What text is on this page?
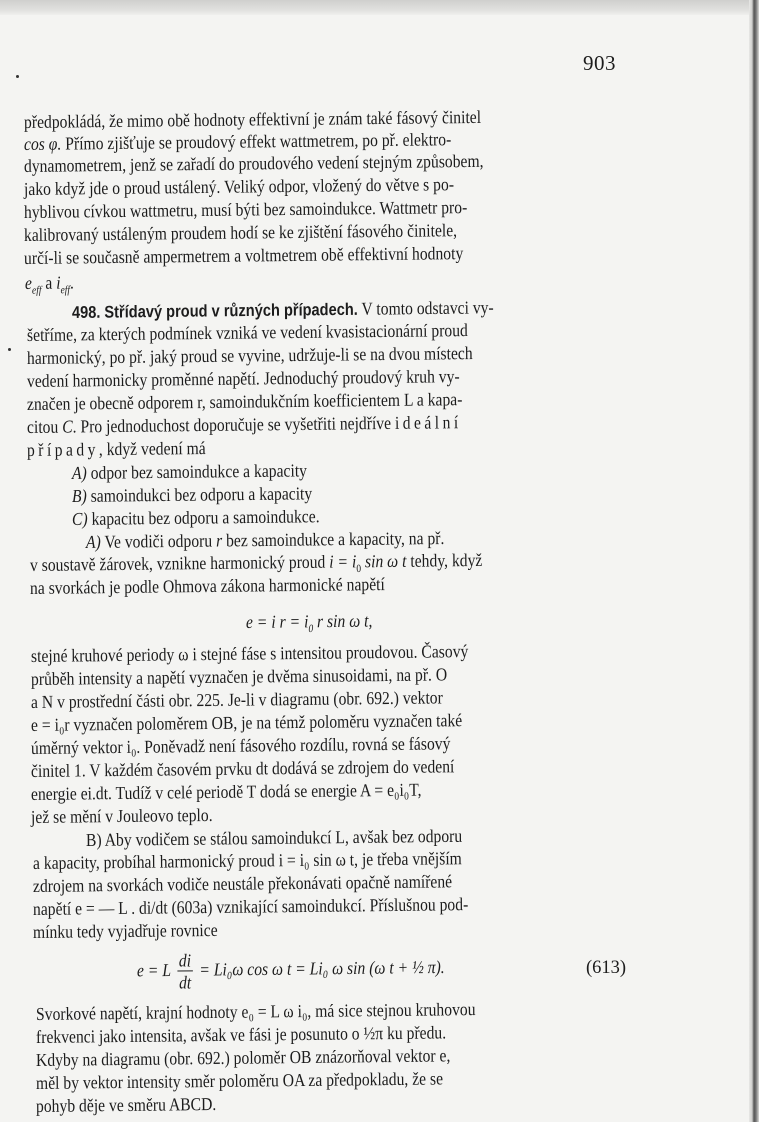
903
předpokládá, že mimo obě hodnoty effektivní je znám také fásový činitel
cos φ. Přímo zjišťuje se proudový effekt wattmetrem, po př. elektro-
dynamometrem, jenž se zařadí do proudového vedení stejným způsobem,
jako když jde o proud ustálený. Veliký odpor, vložený do větve s po-
hyblivou cívkou wattmetru, musí býti bez samoindukce. Wattmetr pro-
kalibrovaný ustáleným proudem hodí se ke zjištění fásového činitele,
určí-li se současně ampermetrem a voltmetrem obě effektivní hodnoty
$e_{eff}$ a $i_{eff}$.
498. Střídavý proud v různých případech. V tomto odstavci vy-
šetříme, za kterých podmínek vzniká ve vedení kvasistacionární proud
harmonický, po př. jaký proud se vyvine, udržuje-li se na dvou místech
vedení harmonicky proměnné napětí. Jednoduchý proudový kruh vy-
značen je obecně odporem r, samoindukčním koefficientem L a kapa-
citou C. Pro jednoduchost doporučuje se vyšetřiti nejdříve ideální
případy, když vedení má
A) odpor bez samoindukce a kapacity
B) samoindukci bez odporu a kapacity
C) kapacitu bez odporu a samoindukce.
A) Ve vodiči odporu r bez samoindukce a kapacity, na př.
v soustavě žárovek, vznikne harmonický proud $i = i_0$ sin ω t tehdy, když
na svorkách je podle Ohmova zákona harmonické napětí
e = i $r = i_0$ r sin ω t,
stejné kruhové periody ω i stejné fáse s intensitou proudovou. Časový
průběh intensity a napětí vyznačen je dvěma sinusoidami, na př. O
a N v prostřední části obr. 225. Je-li v diagramu (obr. 692.) vektor
e = i₀r vyznačen poloměrem OB, je na témž poloměru vyznačen také
úměrný vektor i₀. Poněvadž není fásového rozdílu, rovná se fásový
činitel 1. V každém časovém prvku dt dodává se zdrojem do vedení
energie ei.dt. Tudíž v celé periodě T dodá se energie A = e₀i₀T,
jež se mění v Jouleovo teplo.
B) Aby vodičem se stálou samoindukcí L, avšak bez odporu
a kapacity, probíhal harmonický proud i = i₀ sin ω t, je třeba vnějším
zdrojem na svorkách vodiče neustále překonávati opačně namířené
napětí e = — L . di/dt (603a) vznikající samoindukcí. Příslušnou pod-
mínku tedy vyjadřuje rovnice
e = L $\frac{di}{dt} = Li_0\omega$ cos ω t = Li₀ ω sin (ω t + ½ π).	(613)
Svorkové napětí, krajní hodnoty e₀ = L ω i₀, má sice stejnou kruhovou
frekvenci jako intensita, avšak ve fási je posunuto o ½π ku předu.
Kdyby na diagramu (obr. 692.) poloměr OB znázorňoval vektor e,
měl by vektor intensity směr poloměru OA za předpokladu, že se
pohyb děje ve směru ABCD.
